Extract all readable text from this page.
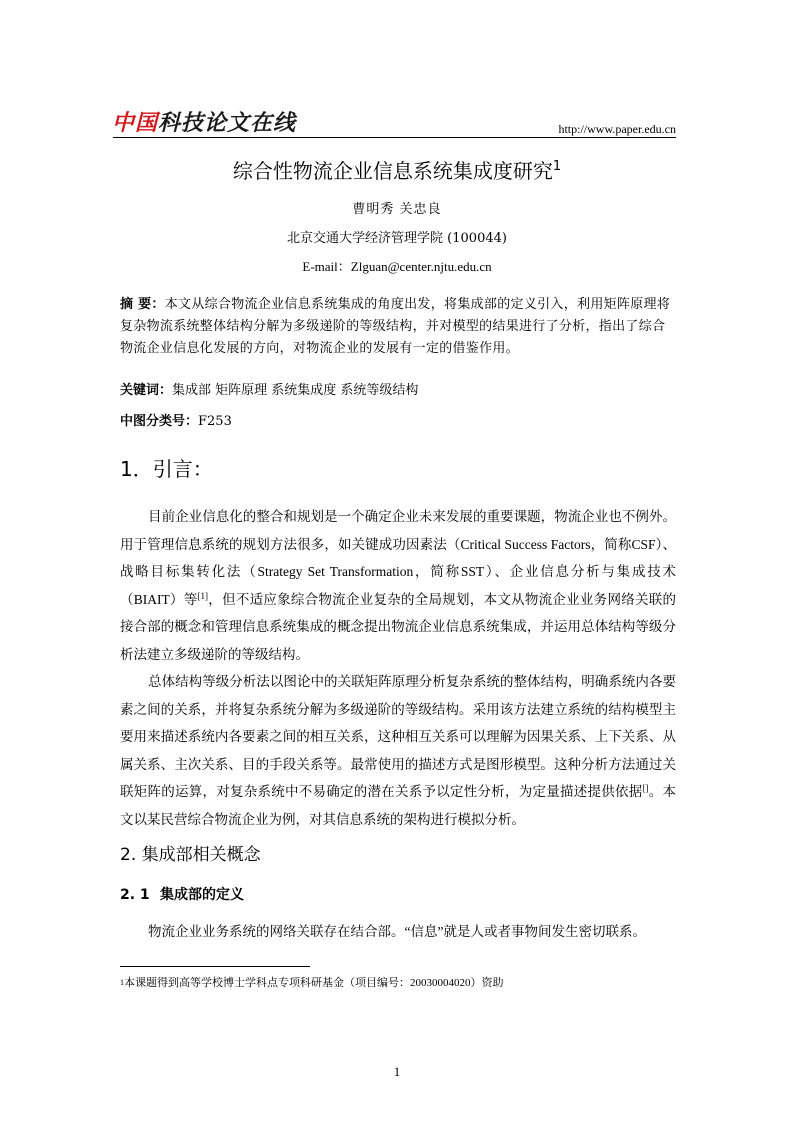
中国科技论文在线	http://www.paper.edu.cn
综合性物流企业信息系统集成度研究$^1$
曹明秀 关忠良
北京交通大学经济管理学院 (100044)
E-mail：Zlguan@center.njtu.edu.cn
摘 要：本文从综合物流企业信息系统集成的角度出发，将集成部的定义引入，利用矩阵原理将复杂物流系统整体结构分解为多级递阶的等级结构，并对模型的结果进行了分析，指出了综合物流企业信息化发展的方向，对物流企业的发展有一定的借鉴作用。
关键词：集成部 矩阵原理 系统集成度 系统等级结构
中图分类号：F253
1．引言：
目前企业信息化的整合和规划是一个确定企业未来发展的重要课题，物流企业也不例外。用于管理信息系统的规划方法很多，如关键成功因素法（Critical Success Factors，简称CSF）、战略目标集转化法（Strategy Set Transformation，简称SST）、企业信息分析与集成技术（BIAIT）等[1]，但不适应象综合物流企业复杂的全局规划，本文从物流企业业务网络关联的接合部的概念和管理信息系统集成的概念提出物流企业信息系统集成，并运用总体结构等级分析法建立多级递阶的等级结构。
总体结构等级分析法以图论中的关联矩阵原理分析复杂系统的整体结构，明确系统内各要素之间的关系，并将复杂系统分解为多级递阶的等级结构。采用该方法建立系统的结构模型主要用来描述系统内各要素之间的相互关系，这种相互关系可以理解为因果关系、上下关系、从属关系、主次关系、目的手段关系等。最常使用的描述方式是图形模型。这种分析方法通过关联矩阵的运算，对复杂系统中不易确定的潜在关系予以定性分析，为定量描述提供依据[]。本文以某民营综合物流企业为例，对其信息系统的架构进行模拟分析。
2. 集成部相关概念
2. 1 集成部的定义
物流企业业务系统的网络关联存在结合部。“信息”就是人或者事物间发生密切联系。
$^1$本课题得到高等学校博士学科点专项科研基金（项目编号：20030004020）资助
1
